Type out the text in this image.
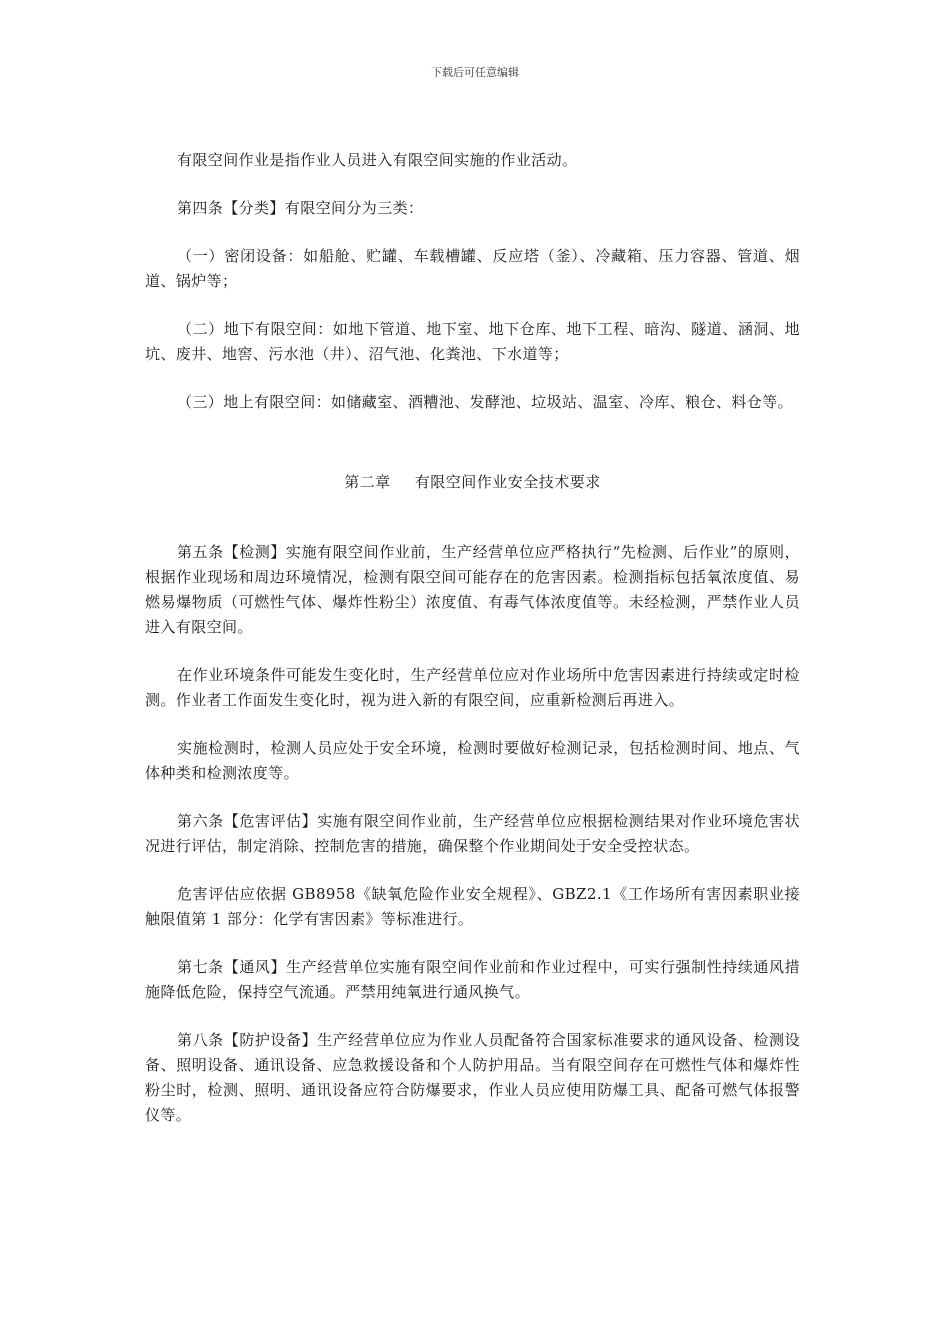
下载后可任意编辑

有限空间作业是指作业人员进入有限空间实施的作业活动。

第四条【分类】有限空间分为三类：

（一）密闭设备：如船舱、贮罐、车载槽罐、反应塔（釜）、冷藏箱、压力容器、管道、烟道、锅炉等；

（二）地下有限空间：如地下管道、地下室、地下仓库、地下工程、暗沟、隧道、涵洞、地坑、废井、地窖、污水池（井）、沼气池、化粪池、下水道等；

（三）地上有限空间：如储藏室、酒糟池、发酵池、垃圾站、温室、冷库、粮仓、料仓等。

第二章 有限空间作业安全技术要求

第五条【检测】实施有限空间作业前，生产经营单位应严格执行“先检测、后作业”的原则，根据作业现场和周边环境情况，检测有限空间可能存在的危害因素。检测指标包括氧浓度值、易燃易爆物质（可燃性气体、爆炸性粉尘）浓度值、有毒气体浓度值等。未经检测，严禁作业人员进入有限空间。

在作业环境条件可能发生变化时，生产经营单位应对作业场所中危害因素进行持续或定时检测。作业者工作面发生变化时，视为进入新的有限空间，应重新检测后再进入。

实施检测时，检测人员应处于安全环境，检测时要做好检测记录，包括检测时间、地点、气体种类和检测浓度等。

第六条【危害评估】实施有限空间作业前，生产经营单位应根据检测结果对作业环境危害状况进行评估，制定消除、控制危害的措施，确保整个作业期间处于安全受控状态。

危害评估应依据 GB8958《缺氧危险作业安全规程》、GBZ2.1《工作场所有害因素职业接触限值第 1 部分：化学有害因素》等标准进行。

第七条【通风】生产经营单位实施有限空间作业前和作业过程中，可实行强制性持续通风措施降低危险，保持空气流通。严禁用纯氧进行通风换气。

第八条【防护设备】生产经营单位应为作业人员配备符合国家标准要求的通风设备、检测设备、照明设备、通讯设备、应急救援设备和个人防护用品。当有限空间存在可燃性气体和爆炸性粉尘时，检测、照明、通讯设备应符合防爆要求，作业人员应使用防爆工具、配备可燃气体报警仪等。
